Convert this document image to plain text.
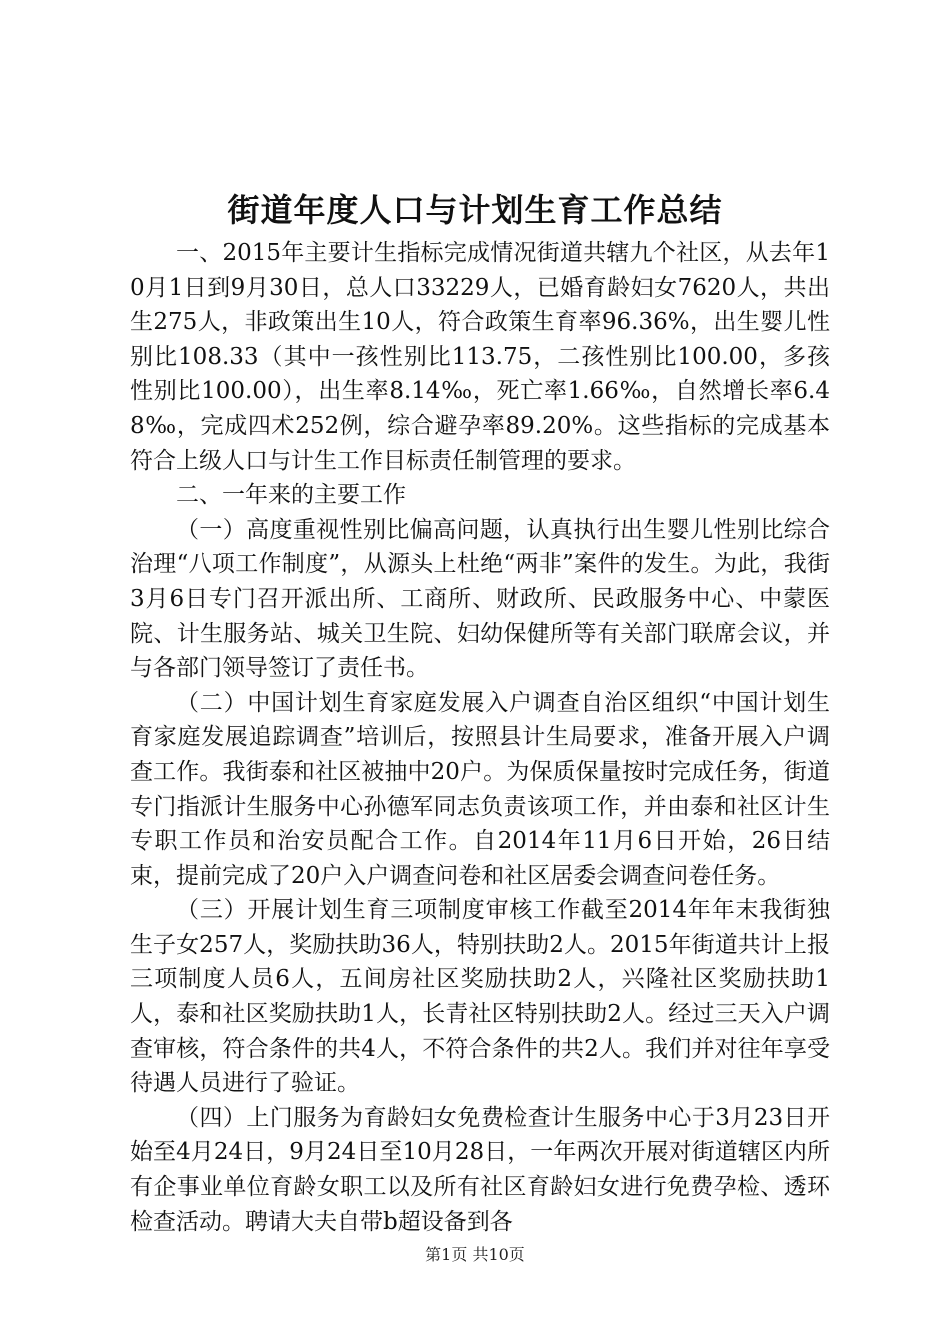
街道年度人口与计划生育工作总结

一、2015年主要计生指标完成情况街道共辖九个社区，从去年10月1日到9月30日，总人口33229人，已婚育龄妇女7620人，共出生275人，非政策出生10人，符合政策生育率96.36%，出生婴儿性别比108.33（其中一孩性别比113.75，二孩性别比100.00，多孩性别比100.00），出生率8.14‰，死亡率1.66‰，自然增长率6.48‰，完成四术252例，综合避孕率89.20%。这些指标的完成基本符合上级人口与计生工作目标责任制管理的要求。

二、一年来的主要工作

（一）高度重视性别比偏高问题，认真执行出生婴儿性别比综合治理“八项工作制度”，从源头上杜绝“两非”案件的发生。为此，我街3月6日专门召开派出所、工商所、财政所、民政服务中心、中蒙医院、计生服务站、城关卫生院、妇幼保健所等有关部门联席会议，并与各部门领导签订了责任书。

（二）中国计划生育家庭发展入户调查自治区组织“中国计划生育家庭发展追踪调查”培训后，按照县计生局要求，准备开展入户调查工作。我街泰和社区被抽中20户。为保质保量按时完成任务，街道专门指派计生服务中心孙德军同志负责该项工作，并由泰和社区计生专职工作员和治安员配合工作。自2014年11月6日开始，26日结束，提前完成了20户入户调查问卷和社区居委会调查问卷任务。

（三）开展计划生育三项制度审核工作截至2014年年末我街独生子女257人，奖励扶助36人，特别扶助2人。2015年街道共计上报三项制度人员6人，五间房社区奖励扶助2人，兴隆社区奖励扶助1人，泰和社区奖励扶助1人，长青社区特别扶助2人。经过三天入户调查审核，符合条件的共4人，不符合条件的共2人。我们并对往年享受待遇人员进行了验证。

（四）上门服务为育龄妇女免费检查计生服务中心于3月23日开始至4月24日，9月24日至10月28日，一年两次开展对街道辖区内所有企事业单位育龄女职工以及所有社区育龄妇女进行免费孕检、透环检查活动。聘请大夫自带b超设备到各

第1页 共10页
